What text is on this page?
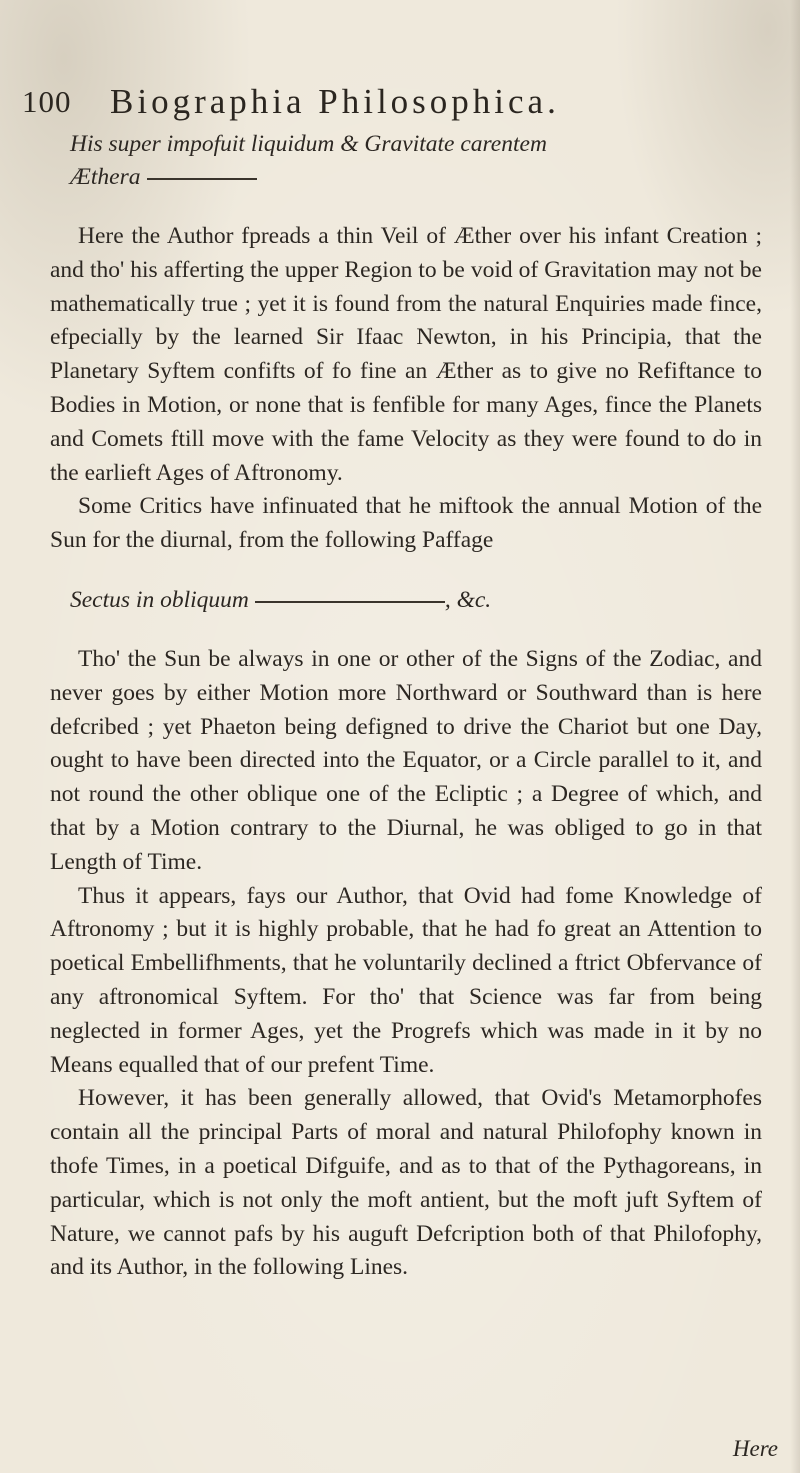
100 Biographia Philosophica.

His super impofuit liquidum & Gravitate carentem
Æthera

Here the Author fpreads a thin Veil of Æther over his infant Creation ; and tho' his afferting the upper Region to be void of Gravitation may not be mathematically true ; yet it is found from the natural Enquiries made fince, efpecially by the learned Sir Ifaac Newton, in his Principia, that the Planetary Syftem confifts of fo fine an Æther as to give no Refiftance to Bodies in Motion, or none that is fenfible for many Ages, fince the Planets and Comets ftill move with the fame Velocity as they were found to do in the earlieft Ages of Aftronomy.

Some Critics have infinuated that he miftook the annual Motion of the Sun for the diurnal, from the following Paffage

Sectus in obliquum	, &c.

Tho' the Sun be always in one or other of the Signs of the Zodiac, and never goes by either Motion more Northward or Southward than is here defcribed ; yet Phaeton being defigned to drive the Chariot but one Day, ought to have been directed into the Equator, or a Circle parallel to it, and not round the other oblique one of the Ecliptic ; a Degree of which, and that by a Motion contrary to the Diurnal, he was obliged to go in that Length of Time.

Thus it appears, fays our Author, that Ovid had fome Knowledge of Aftronomy ; but it is highly probable, that he had fo great an Attention to poetical Embellifhments, that he voluntarily declined a ftrict Obfervance of any aftronomical Syftem. For tho' that Science was far from being neglected in former Ages, yet the Progrefs which was made in it by no Means equalled that of our prefent Time.

However, it has been generally allowed, that Ovid's Metamorphofes contain all the principal Parts of moral and natural Philofophy known in thofe Times, in a poetical Difguife, and as to that of the Pythagoreans, in particular, which is not only the moft antient, but the moft juft Syftem of Nature, we cannot pafs by his auguft Defcription both of that Philofophy, and its Author, in the following Lines.

Here
